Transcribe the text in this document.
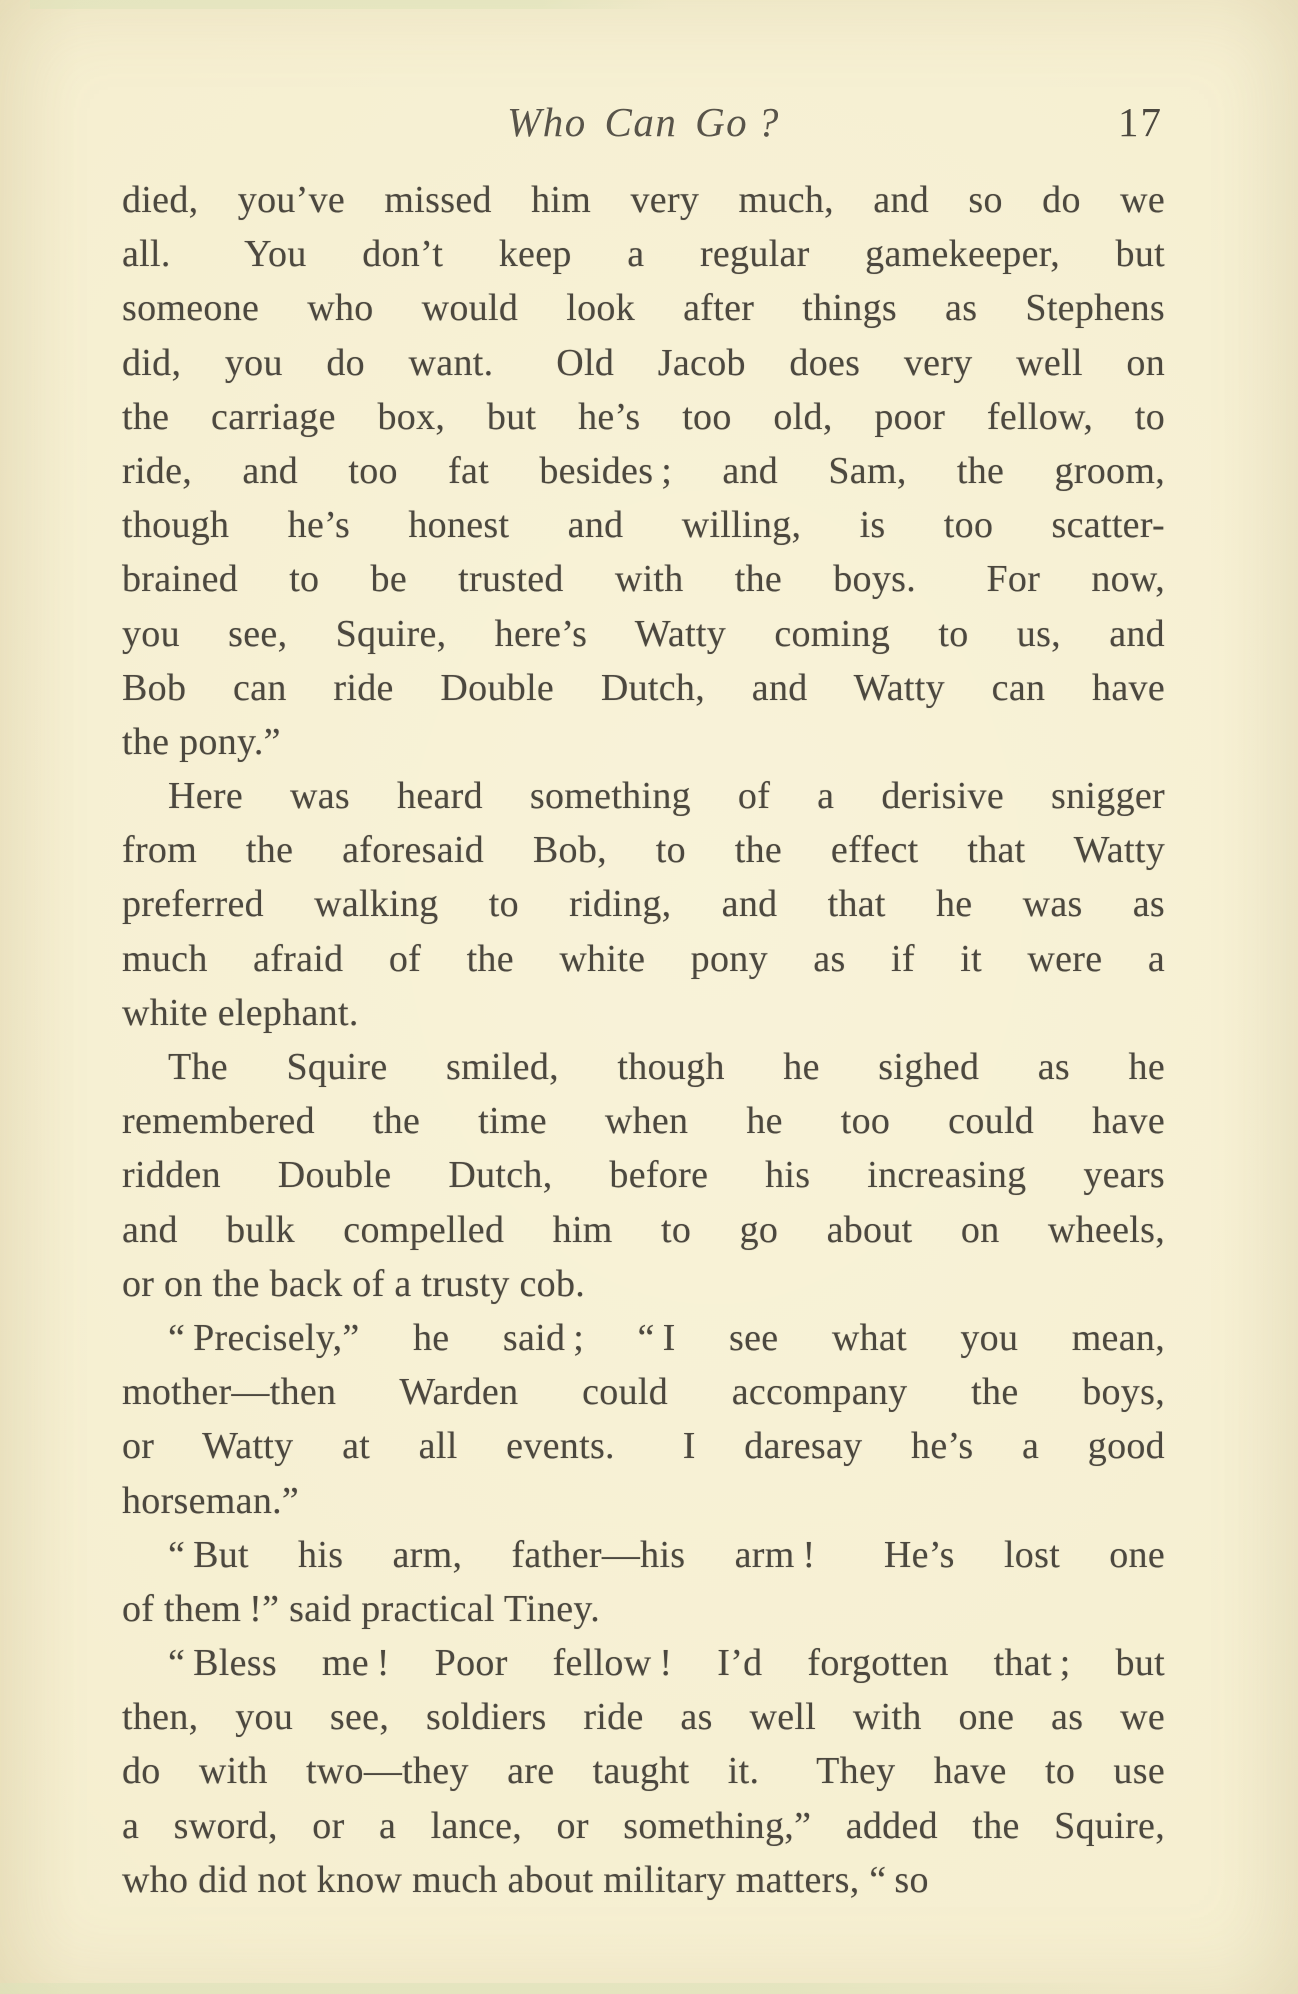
Who Can Go ?	17

died, you’ve missed him very much, and so do we
all.  You don’t keep a regular gamekeeper, but
someone who would look after things as Stephens
did, you do want.  Old Jacob does very well on
the carriage box, but he’s too old, poor fellow, to
ride, and too fat besides ; and Sam, the groom,
though he’s honest and willing, is too scatter-
brained to be trusted with the boys.  For now,
you see, Squire, here’s Watty coming to us, and
Bob can ride Double Dutch, and Watty can have
the pony.”

Here was heard something of a derisive snigger
from the aforesaid Bob, to the effect that Watty
preferred walking to riding, and that he was as
much afraid of the white pony as if it were a
white elephant.

The Squire smiled, though he sighed as he
remembered the time when he too could have
ridden Double Dutch, before his increasing years
and bulk compelled him to go about on wheels,
or on the back of a trusty cob.

“ Precisely,” he said ; “ I see what you mean,
mother—then Warden could accompany the boys,
or Watty at all events.  I daresay he’s a good
horseman.”

“ But his arm, father—his arm !  He’s lost one
of them !” said practical Tiney.

“ Bless me ! Poor fellow ! I’d forgotten that ; but
then, you see, soldiers ride as well with one as we
do with two—they are taught it.  They have to use
a sword, or a lance, or something,” added the Squire,
who did not know much about military matters, “ so
